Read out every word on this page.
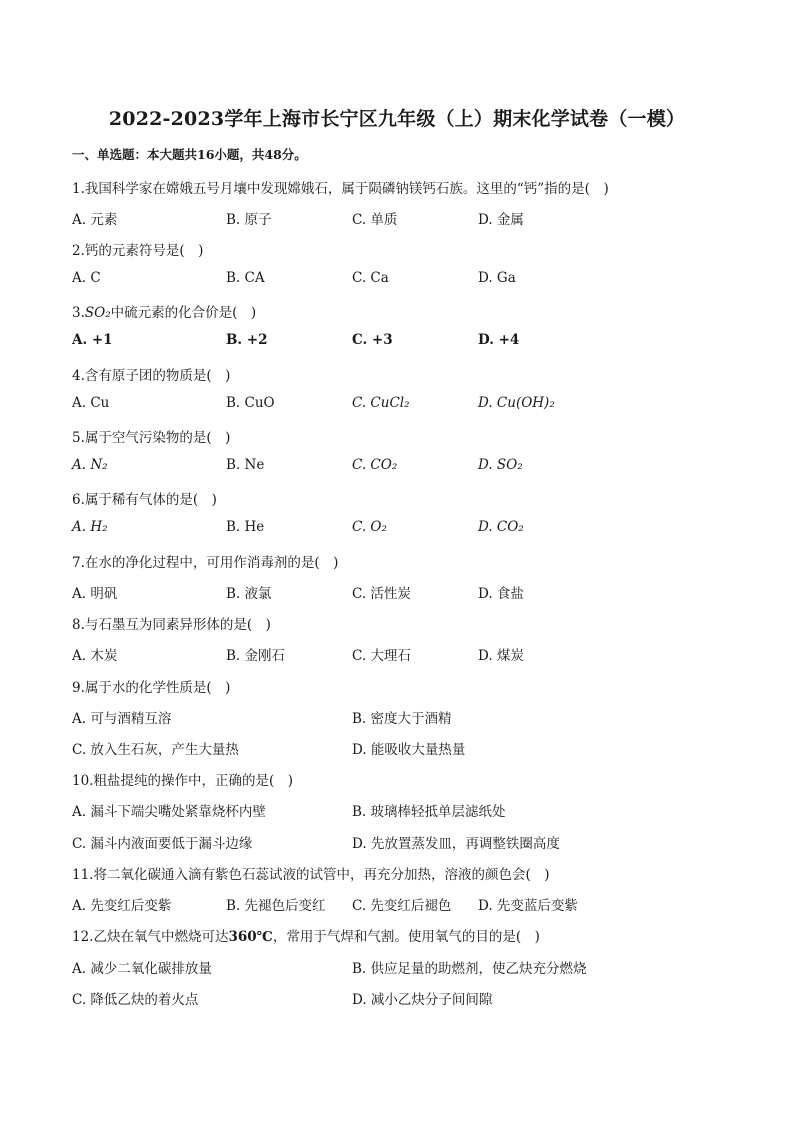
2022-2023学年上海市长宁区九年级（上）期末化学试卷（一模）
一、单选题：本大题共16小题，共48分。
1.我国科学家在嫦娥五号月壤中发现嫦娥石，属于陨磷钠镁钙石族。这里的“钙”指的是(　)
A. 元素	B. 原子	C. 单质	D. 金属
2.钙的元素符号是(　)
A. C	B. CA	C. Ca	D. Ga
3.SO₂中硫元素的化合价是(　)
A. +1	B. +2	C. +3	D. +4
4.含有原子团的物质是(　)
A. Cu	B. CuO	C. CuCl₂	D. Cu(OH)₂
5.属于空气污染物的是(　)
A. N₂	B. Ne	C. CO₂	D. SO₂
6.属于稀有气体的是(　)
A. H₂	B. He	C. O₂	D. CO₂
7.在水的净化过程中，可用作消毒剂的是(　)
A. 明矾	B. 液氯	C. 活性炭	D. 食盐
8.与石墨互为同素异形体的是(　)
A. 木炭	B. 金刚石	C. 大理石	D. 煤炭
9.属于水的化学性质是(　)
A. 可与酒精互溶	B. 密度大于酒精
C. 放入生石灰，产生大量热	D. 能吸收大量热量
10.粗盐提纯的操作中，正确的是(　)
A. 漏斗下端尖嘴处紧靠烧杯内壁	B. 玻璃棒轻抵单层滤纸处
C. 漏斗内液面要低于漏斗边缘	D. 先放置蒸发皿，再调整铁圈高度
11.将二氧化碳通入滴有紫色石蕊试液的试管中，再充分加热，溶液的颜色会(　)
A. 先变红后变紫	B. 先褪色后变红 C. 先变红后褪色 D. 先变蓝后变紫
12.乙炔在氧气中燃烧可达360℃，常用于气焊和气割。使用氧气的目的是(　)
A. 减少二氧化碳排放量	B. 供应足量的助燃剂，使乙炔充分燃烧
C. 降低乙炔的着火点	D. 减小乙炔分子间间隙
